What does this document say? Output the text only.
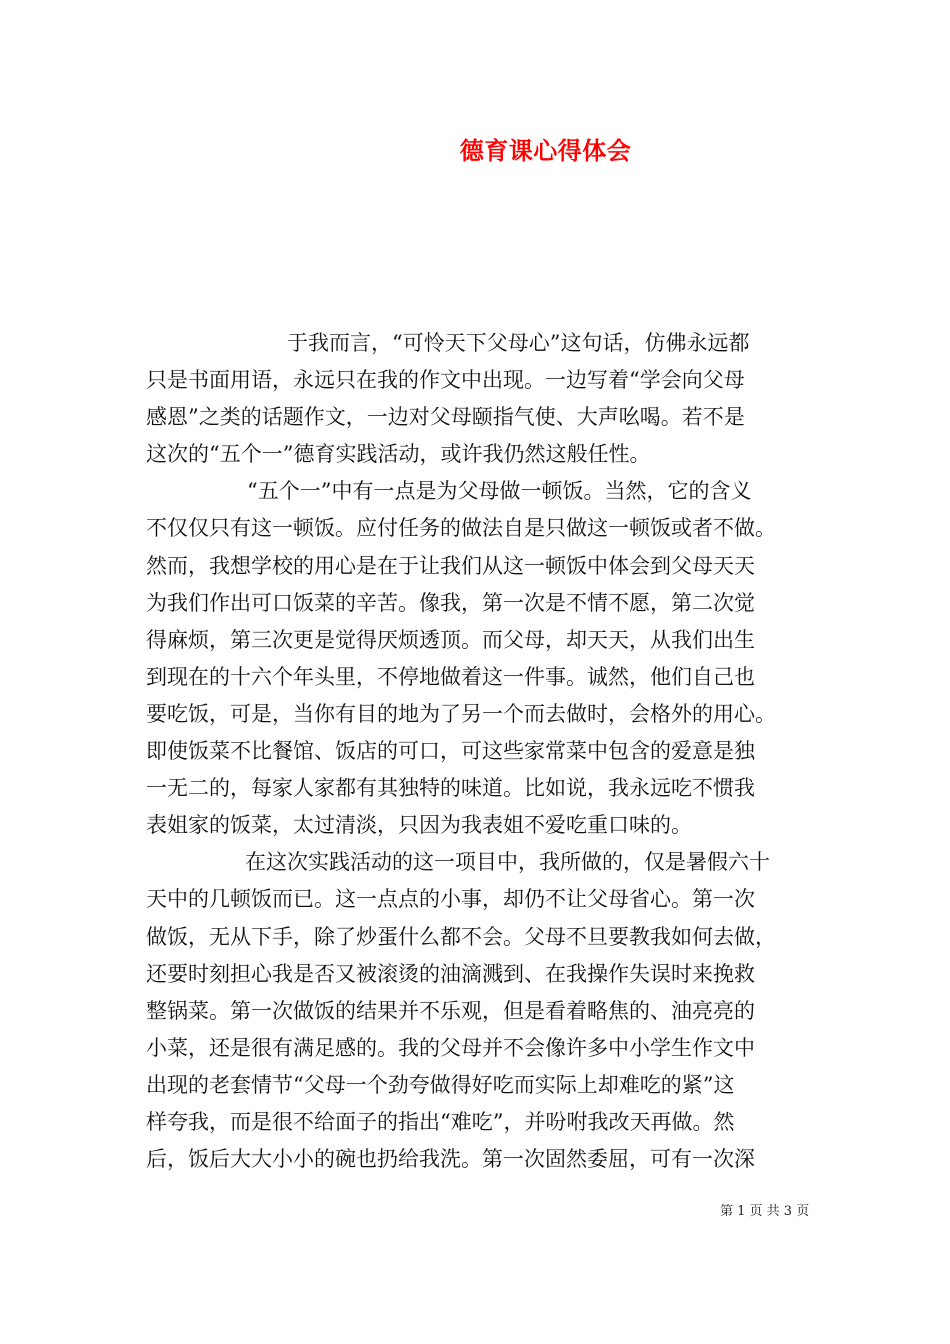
德育课心得体会
于我而言，“可怜天下父母心”这句话，仿佛永远都
只是书面用语，永远只在我的作文中出现。一边写着“学会向父母
感恩”之类的话题作文，一边对父母颐指气使、大声吆喝。若不是
这次的“五个一”德育实践活动，或许我仍然这般任性。
“五个一”中有一点是为父母做一顿饭。当然，它的含义
不仅仅只有这一顿饭。应付任务的做法自是只做这一顿饭或者不做。
然而，我想学校的用心是在于让我们从这一顿饭中体会到父母天天
为我们作出可口饭菜的辛苦。像我，第一次是不情不愿，第二次觉
得麻烦，第三次更是觉得厌烦透顶。而父母，却天天，从我们出生
到现在的十六个年头里，不停地做着这一件事。诚然，他们自己也
要吃饭，可是，当你有目的地为了另一个而去做时，会格外的用心。
即使饭菜不比餐馆、饭店的可口，可这些家常菜中包含的爱意是独
一无二的，每家人家都有其独特的味道。比如说，我永远吃不惯我
表姐家的饭菜，太过清淡，只因为我表姐不爱吃重口味的。
在这次实践活动的这一项目中，我所做的，仅是暑假六十
天中的几顿饭而已。这一点点的小事，却仍不让父母省心。第一次
做饭，无从下手，除了炒蛋什么都不会。父母不旦要教我如何去做，
还要时刻担心我是否又被滚烫的油滴溅到、在我操作失误时来挽救
整锅菜。第一次做饭的结果并不乐观，但是看着略焦的、油亮亮的
小菜，还是很有满足感的。我的父母并不会像许多中小学生作文中
出现的老套情节“父母一个劲夸做得好吃而实际上却难吃的紧”这
样夸我，而是很不给面子的指出“难吃”，并吩咐我改天再做。然
后，饭后大大小小的碗也扔给我洗。第一次固然委屈，可有一次深
第 1 页 共 3 页
